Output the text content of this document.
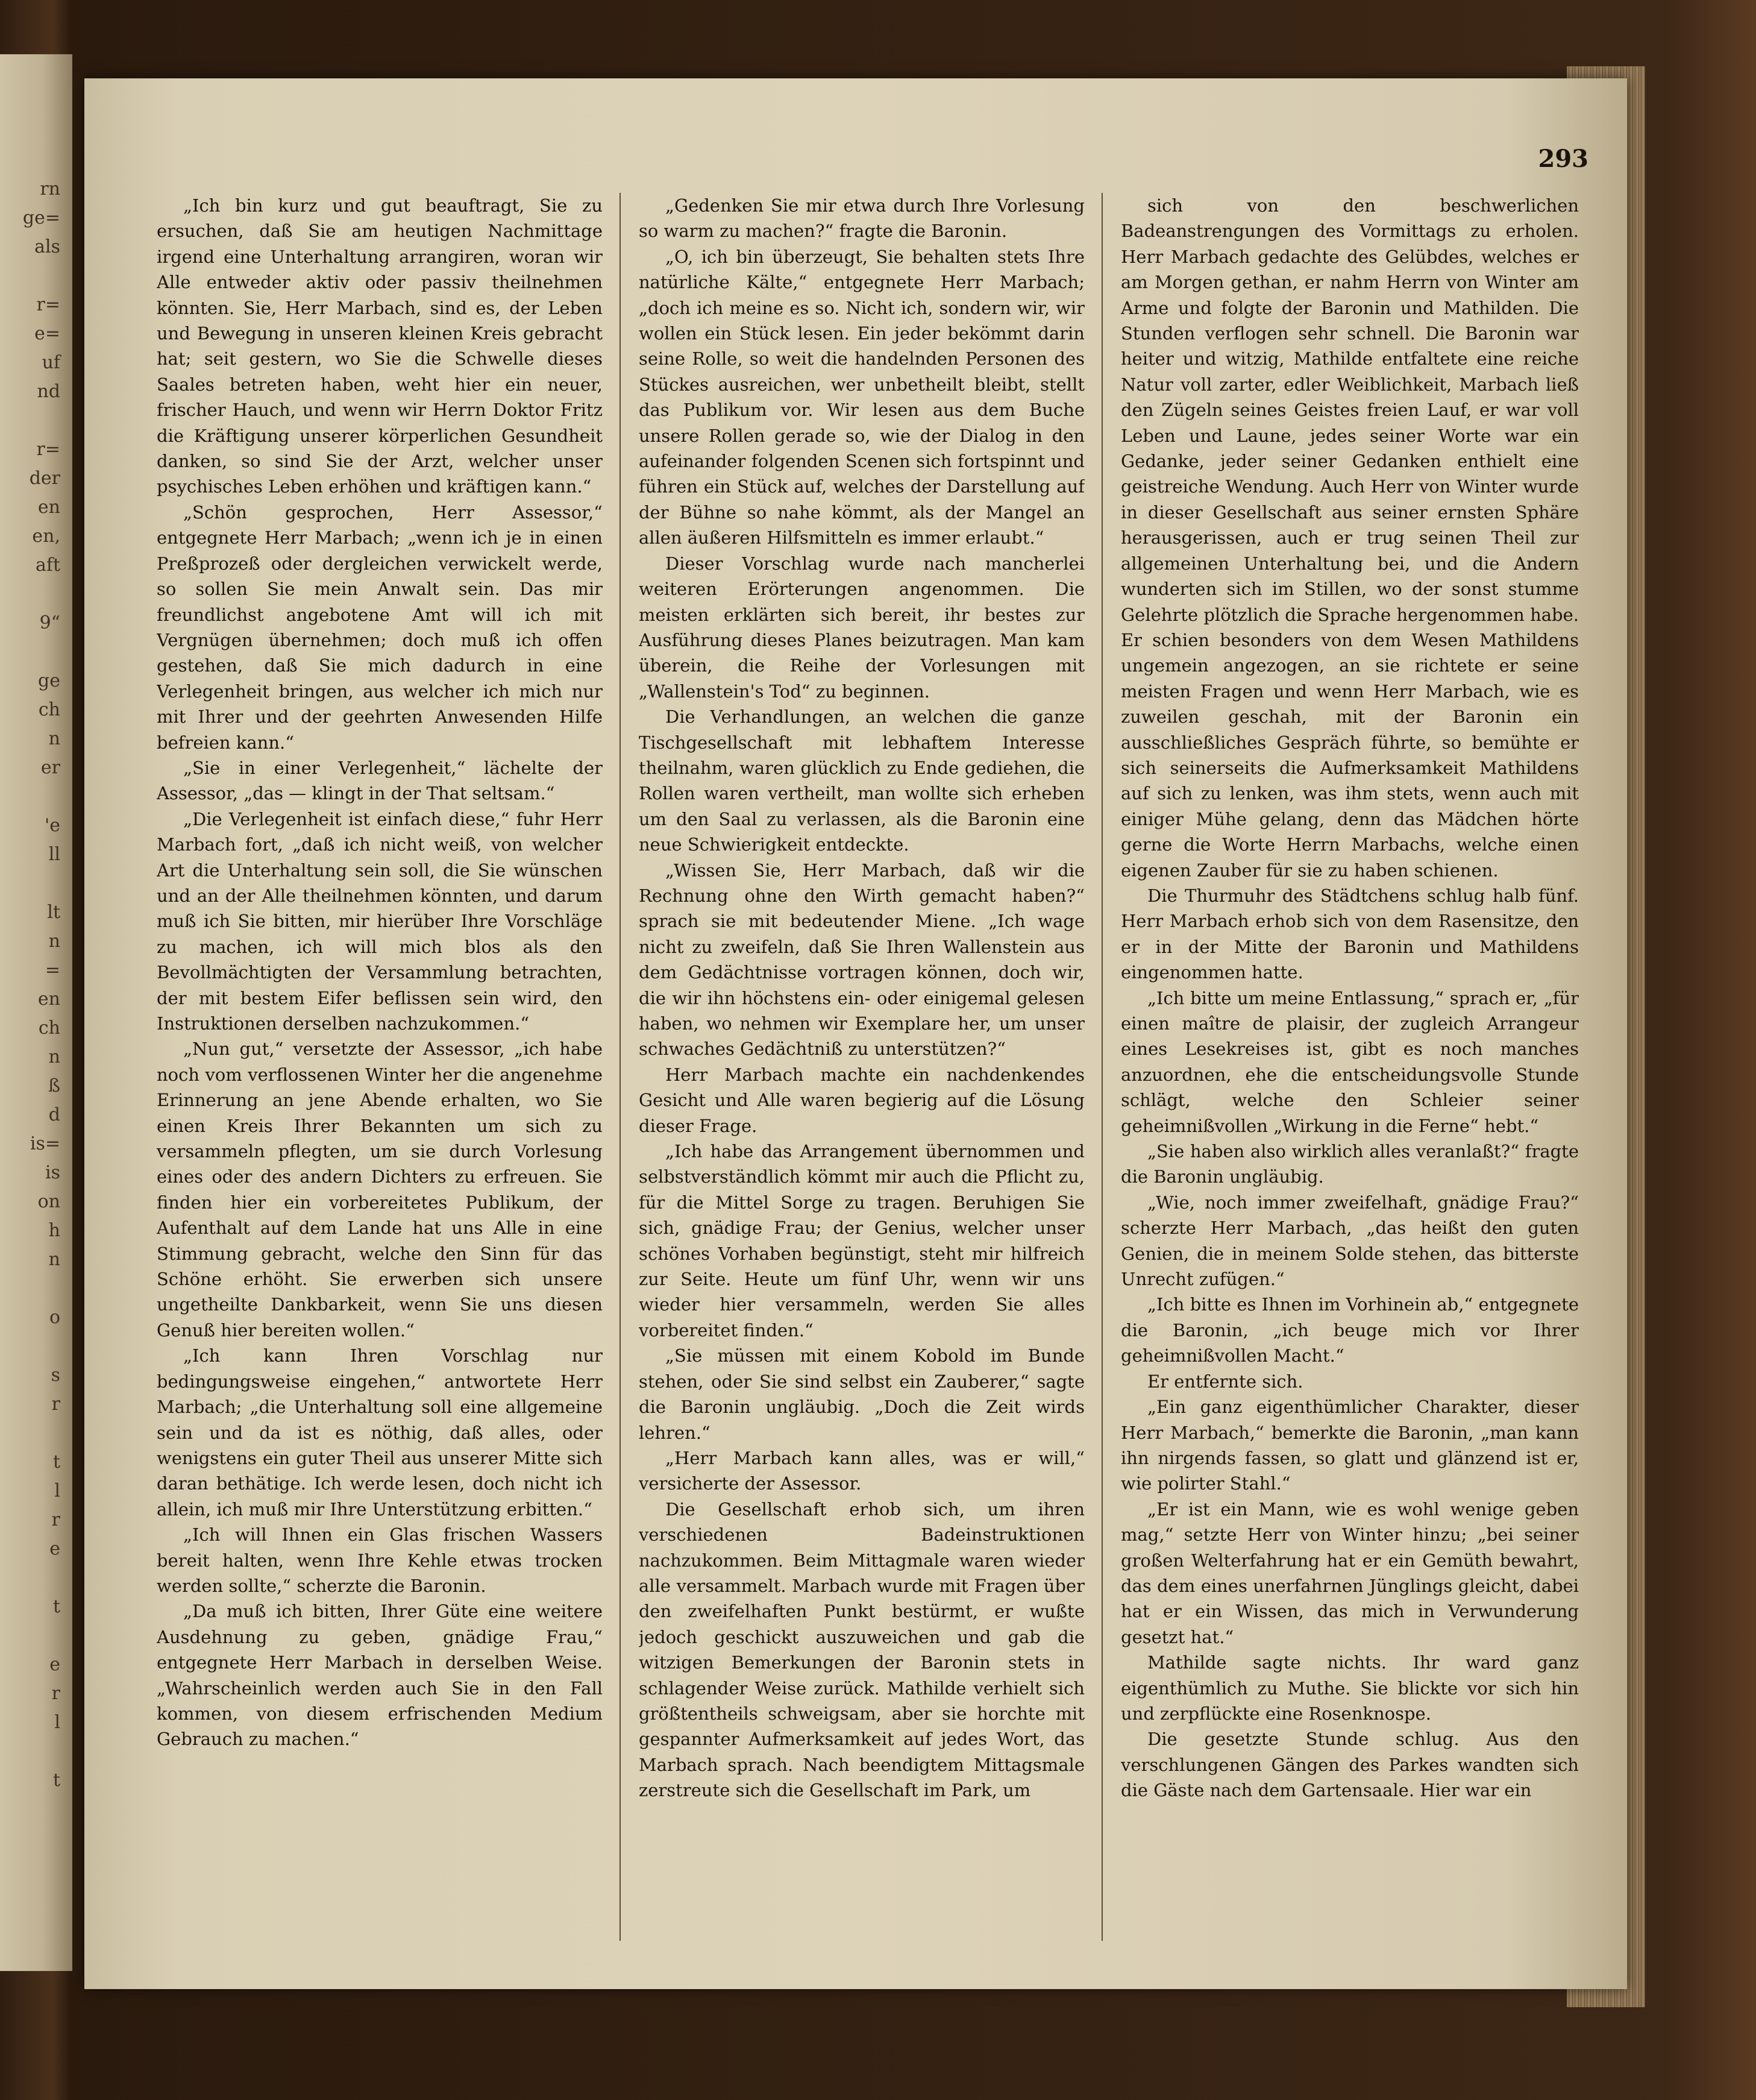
rn
ge=
als

r=
e=
uf
nd

r=
der
en
en,
aft

9“

ge
ch
n
er

'e
ll

lt
n
=
en
ch
n
ß
d
is=
is
on
h
n

o

s
r

t
l
r
e

t

e
r
l

t
293

„Ich bin kurz und gut beauftragt, Sie zu ersuchen, daß Sie am heutigen Nachmittage irgend eine Unterhaltung arrangiren, woran wir Alle entweder aktiv oder passiv theilnehmen könnten. Sie, Herr Marbach, sind es, der Leben und Bewegung in unseren kleinen Kreis gebracht hat; seit gestern, wo Sie die Schwelle dieses Saales betreten haben, weht hier ein neuer, frischer Hauch, und wenn wir Herrn Doktor Fritz die Kräftigung unserer körperlichen Gesundheit danken, so sind Sie der Arzt, welcher unser psychisches Leben erhöhen und kräftigen kann.“

„Schön gesprochen, Herr Assessor,“ entgegnete Herr Marbach; „wenn ich je in einen Preßprozeß oder dergleichen verwickelt werde, so sollen Sie mein Anwalt sein. Das mir freundlichst angebotene Amt will ich mit Vergnügen übernehmen; doch muß ich offen gestehen, daß Sie mich dadurch in eine Verlegenheit bringen, aus welcher ich mich nur mit Ihrer und der geehrten Anwesenden Hilfe befreien kann.“

„Sie in einer Verlegenheit,“ lächelte der Assessor, „das — klingt in der That seltsam.“

„Die Verlegenheit ist einfach diese,“ fuhr Herr Marbach fort, „daß ich nicht weiß, von welcher Art die Unterhaltung sein soll, die Sie wünschen und an der Alle theilnehmen könnten, und darum muß ich Sie bitten, mir hierüber Ihre Vorschläge zu machen, ich will mich blos als den Bevollmächtigten der Versammlung betrachten, der mit bestem Eifer beflissen sein wird, den Instruktionen derselben nachzukommen.“

„Nun gut,“ versetzte der Assessor, „ich habe noch vom verflossenen Winter her die angenehme Erinnerung an jene Abende erhalten, wo Sie einen Kreis Ihrer Bekannten um sich zu versammeln pflegten, um sie durch Vorlesung eines oder des andern Dichters zu erfreuen. Sie finden hier ein vorbereitetes Publikum, der Aufenthalt auf dem Lande hat uns Alle in eine Stimmung gebracht, welche den Sinn für das Schöne erhöht. Sie erwerben sich unsere ungetheilte Dankbarkeit, wenn Sie uns diesen Genuß hier bereiten wollen.“

„Ich kann Ihren Vorschlag nur bedingungsweise eingehen,“ antwortete Herr Marbach; „die Unterhaltung soll eine allgemeine sein und da ist es nöthig, daß alles, oder wenigstens ein guter Theil aus unserer Mitte sich daran bethätige. Ich werde lesen, doch nicht ich allein, ich muß mir Ihre Unterstützung erbitten.“

„Ich will Ihnen ein Glas frischen Wassers bereit halten, wenn Ihre Kehle etwas trocken werden sollte,“ scherzte die Baronin.

„Da muß ich bitten, Ihrer Güte eine weitere Ausdehnung zu geben, gnädige Frau,“ entgegnete Herr Marbach in derselben Weise. „Wahrscheinlich werden auch Sie in den Fall kommen, von diesem erfrischenden Medium Gebrauch zu machen.“

„Gedenken Sie mir etwa durch Ihre Vorlesung so warm zu machen?“ fragte die Baronin.

„O, ich bin überzeugt, Sie behalten stets Ihre natürliche Kälte,“ entgegnete Herr Marbach; „doch ich meine es so. Nicht ich, sondern wir, wir wollen ein Stück lesen. Ein jeder bekömmt darin seine Rolle, so weit die handelnden Personen des Stückes ausreichen, wer unbetheilt bleibt, stellt das Publikum vor. Wir lesen aus dem Buche unsere Rollen gerade so, wie der Dialog in den aufeinander folgenden Scenen sich fortspinnt und führen ein Stück auf, welches der Darstellung auf der Bühne so nahe kömmt, als der Mangel an allen äußeren Hilfsmitteln es immer erlaubt.“

Dieser Vorschlag wurde nach mancherlei weiteren Erörterungen angenommen. Die meisten erklärten sich bereit, ihr bestes zur Ausführung dieses Planes beizutragen. Man kam überein, die Reihe der Vorlesungen mit „Wallenstein's Tod“ zu beginnen.

Die Verhandlungen, an welchen die ganze Tischgesellschaft mit lebhaftem Interesse theilnahm, waren glücklich zu Ende gediehen, die Rollen waren vertheilt, man wollte sich erheben um den Saal zu verlassen, als die Baronin eine neue Schwierigkeit entdeckte.

„Wissen Sie, Herr Marbach, daß wir die Rechnung ohne den Wirth gemacht haben?“ sprach sie mit bedeutender Miene. „Ich wage nicht zu zweifeln, daß Sie Ihren Wallenstein aus dem Gedächtnisse vortragen können, doch wir, die wir ihn höchstens ein- oder einigemal gelesen haben, wo nehmen wir Exemplare her, um unser schwaches Gedächtniß zu unterstützen?“

Herr Marbach machte ein nachdenkendes Gesicht und Alle waren begierig auf die Lösung dieser Frage.

„Ich habe das Arrangement übernommen und selbstverständlich kömmt mir auch die Pflicht zu, für die Mittel Sorge zu tragen. Beruhigen Sie sich, gnädige Frau; der Genius, welcher unser schönes Vorhaben begünstigt, steht mir hilfreich zur Seite. Heute um fünf Uhr, wenn wir uns wieder hier versammeln, werden Sie alles vorbereitet finden.“

„Sie müssen mit einem Kobold im Bunde stehen, oder Sie sind selbst ein Zauberer,“ sagte die Baronin ungläubig. „Doch die Zeit wirds lehren.“

„Herr Marbach kann alles, was er will,“ versicherte der Assessor.

Die Gesellschaft erhob sich, um ihren verschiedenen Badeinstruktionen nachzukommen. Beim Mittagmale waren wieder alle versammelt. Marbach wurde mit Fragen über den zweifelhaften Punkt bestürmt, er wußte jedoch geschickt auszuweichen und gab die witzigen Bemerkungen der Baronin stets in schlagender Weise zurück. Mathilde verhielt sich größtentheils schweigsam, aber sie horchte mit gespannter Aufmerksamkeit auf jedes Wort, das Marbach sprach. Nach beendigtem Mittagsmale zerstreute sich die Gesellschaft im Park, um

sich von den beschwerlichen Badeanstrengungen des Vormittags zu erholen. Herr Marbach gedachte des Gelübdes, welches er am Morgen gethan, er nahm Herrn von Winter am Arme und folgte der Baronin und Mathilden. Die Stunden verflogen sehr schnell. Die Baronin war heiter und witzig, Mathilde entfaltete eine reiche Natur voll zarter, edler Weiblichkeit, Marbach ließ den Zügeln seines Geistes freien Lauf, er war voll Leben und Laune, jedes seiner Worte war ein Gedanke, jeder seiner Gedanken enthielt eine geistreiche Wendung. Auch Herr von Winter wurde in dieser Gesellschaft aus seiner ernsten Sphäre herausgerissen, auch er trug seinen Theil zur allgemeinen Unterhaltung bei, und die Andern wunderten sich im Stillen, wo der sonst stumme Gelehrte plötzlich die Sprache hergenommen habe. Er schien besonders von dem Wesen Mathildens ungemein angezogen, an sie richtete er seine meisten Fragen und wenn Herr Marbach, wie es zuweilen geschah, mit der Baronin ein ausschließliches Gespräch führte, so bemühte er sich seinerseits die Aufmerksamkeit Mathildens auf sich zu lenken, was ihm stets, wenn auch mit einiger Mühe gelang, denn das Mädchen hörte gerne die Worte Herrn Marbachs, welche einen eigenen Zauber für sie zu haben schienen.

Die Thurmuhr des Städtchens schlug halb fünf. Herr Marbach erhob sich von dem Rasensitze, den er in der Mitte der Baronin und Mathildens eingenommen hatte.

„Ich bitte um meine Entlassung,“ sprach er, „für einen maître de plaisir, der zugleich Arrangeur eines Lesekreises ist, gibt es noch manches anzuordnen, ehe die entscheidungsvolle Stunde schlägt, welche den Schleier seiner geheimnißvollen „Wirkung in die Ferne“ hebt.“

„Sie haben also wirklich alles veranlaßt?“ fragte die Baronin ungläubig.

„Wie, noch immer zweifelhaft, gnädige Frau?“ scherzte Herr Marbach, „das heißt den guten Genien, die in meinem Solde stehen, das bitterste Unrecht zufügen.“

„Ich bitte es Ihnen im Vorhinein ab,“ entgegnete die Baronin, „ich beuge mich vor Ihrer geheimnißvollen Macht.“

Er entfernte sich.

„Ein ganz eigenthümlicher Charakter, dieser Herr Marbach,“ bemerkte die Baronin, „man kann ihn nirgends fassen, so glatt und glänzend ist er, wie polirter Stahl.“

„Er ist ein Mann, wie es wohl wenige geben mag,“ setzte Herr von Winter hinzu; „bei seiner großen Welterfahrung hat er ein Gemüth bewahrt, das dem eines unerfahrnen Jünglings gleicht, dabei hat er ein Wissen, das mich in Verwunderung gesetzt hat.“

Mathilde sagte nichts. Ihr ward ganz eigenthümlich zu Muthe. Sie blickte vor sich hin und zerpflückte eine Rosenknospe.

Die gesetzte Stunde schlug. Aus den verschlungenen Gängen des Parkes wandten sich die Gäste nach dem Gartensaale. Hier war ein
